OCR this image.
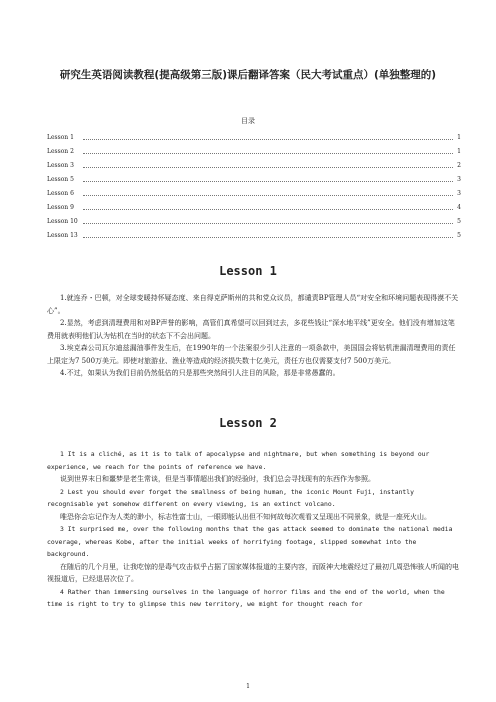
研究生英语阅读教程(提高级第三版)课后翻译答案（民大考试重点）(单独整理的)
目录
Lesson 1	1
Lesson 2	1
Lesson 3	2
Lesson 5	3
Lesson 6	3
Lesson 9	4
Lesson 10	5
Lesson 13	5
Lesson 1

1.就连乔・巴顿，对全球变暖持怀疑态度、来自得克萨斯州的共和党众议员，都谴责BP管理人员“对安全和环境问题表现得漠不关心”。

2.显然，考虑到清理费用和对BP声誉的影响，高管们真希望可以回到过去，多花些钱让“深水地平线”更安全。他们没有增加这笔费用就表明他们认为钻机在当时的状态下不会出问题。

3.埃克森公司瓦尔迪兹漏油事件发生后，在1990年的一个法案很少引人注意的一项条款中，美国国会将钻机泄漏清理费用的责任上限定为7 500万美元。即使对旅游业、渔业等造成的经济损失数十亿美元，责任方也仅需要支付7 500万美元。

4.不过，如果认为我们目前仍然低估的只是那些突然间引人注目的风险，那是非常愚蠢的。

Lesson 2

1 It is a cliché, as it is to talk of apocalypse and nightmare, but when something is beyond our experience, we reach for the points of reference we have.

说到世界末日和噩梦是老生常谈，但是当事情超出我们的经验时，我们总会寻找现有的东西作为参照。

2 Lest you should ever forget the smallness of being human, the iconic Mount Fuji, instantly recognisable yet somehow different on every viewing, is an extinct volcano.

唯恐你会忘记作为人类的渺小，标志性富士山，一眼即能认出但不知何故每次观看又呈现出不同景象，就是一座死火山。

3 It surprised me, over the following months that the gas attack seemed to dominate the national media coverage, whereas Kobe, after the initial weeks of horrifying footage, slipped somewhat into the background.

在随后的几个月里，让我吃惊的是毒气攻击似乎占据了国家媒体报道的主要内容，而阪神大地震经过了最初几周恐怖骇人听闻的电视报道后，已经退居次位了。

4 Rather than immersing ourselves in the language of horror films and the end of the world, when the time is right to try to glimpse this new territory, we might for thought reach for

1
